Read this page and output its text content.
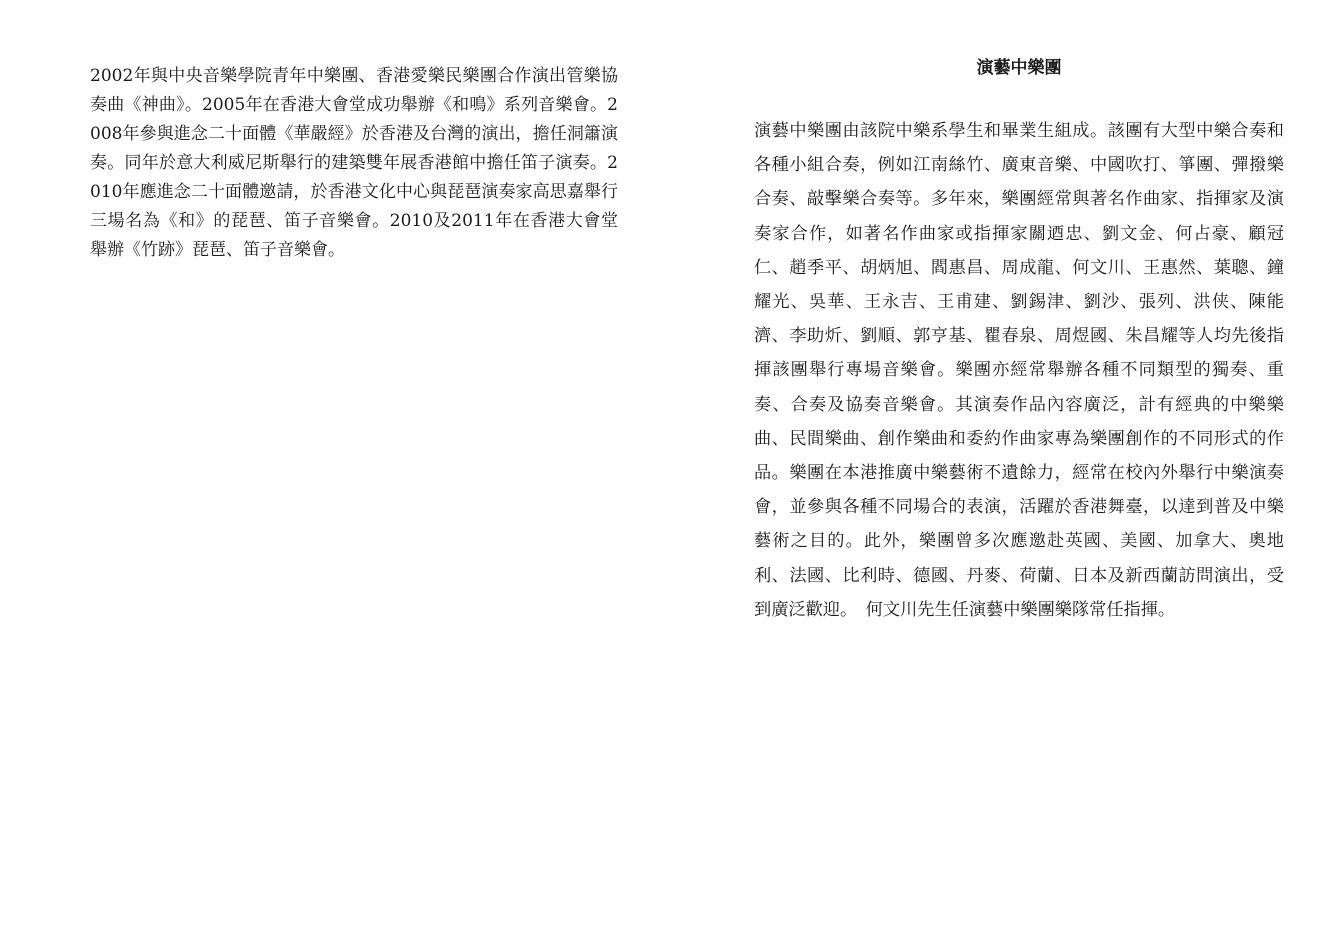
2002年與中央音樂學院青年中樂團、香港愛樂民樂團合作演出管樂協奏曲《神曲》。2005年在香港大會堂成功舉辦《和鳴》系列音樂會。2008年參與進念二十面體《華嚴經》於香港及台灣的演出，擔任洞簫演奏。同年於意大利威尼斯舉行的建築雙年展香港館中擔任笛子演奏。2010年應進念二十面體邀請，於香港文化中心與琵琶演奏家高思嘉舉行三場名為《和》的琵琶、笛子音樂會。2010及2011年在香港大會堂舉辦《竹跡》琵琶、笛子音樂會。

演藝中樂團

演藝中樂團由該院中樂系學生和畢業生組成。該團有大型中樂合奏和各種小組合奏，例如江南絲竹、廣東音樂、中國吹打、箏團、彈撥樂合奏、敲擊樂合奏等。多年來，樂團經常與著名作曲家、指揮家及演奏家合作，如著名作曲家或指揮家關迺忠、劉文金、何占豪、顧冠仁、趙季平、胡炳旭、閻惠昌、周成龍、何文川、王惠然、葉聰、鐘耀光、吳華、王永吉、王甫建、劉錫津、劉沙、張列、洪侠、陳能濟、李助炘、劉順、郭亨基、瞿春泉、周煜國、朱昌耀等人均先後指揮該團舉行專場音樂會。樂團亦經常舉辦各種不同類型的獨奏、重奏、合奏及協奏音樂會。其演奏作品內容廣泛，計有經典的中樂樂曲、民間樂曲、創作樂曲和委約作曲家專為樂團創作的不同形式的作品。樂團在本港推廣中樂藝術不遺餘力，經常在校內外舉行中樂演奏會，並參與各種不同場合的表演，活躍於香港舞臺，以達到普及中樂藝術之目的。此外，樂團曾多次應邀赴英國、美國、加拿大、奧地利、法國、比利時、德國、丹麥、荷蘭、日本及新西蘭訪問演出，受到廣泛歡迎。　何文川先生任演藝中樂團樂隊常任指揮。
